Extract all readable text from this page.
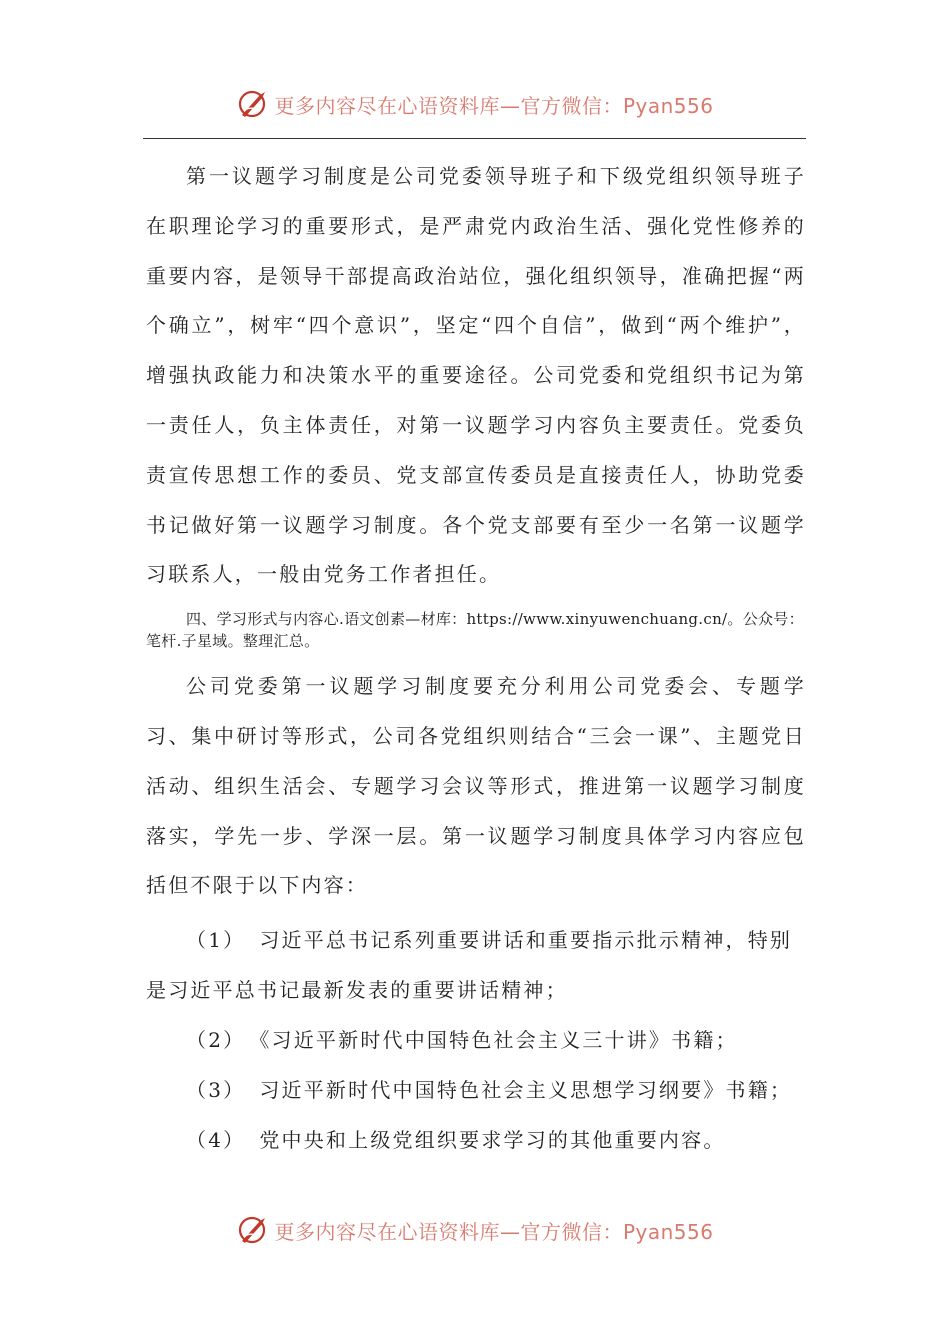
更多内容尽在心语资料库—官方微信：Pyan556

第一议题学习制度是公司党委领导班子和下级党组织领导班子在职理论学习的重要形式，是严肃党内政治生活、强化党性修养的重要内容，是领导干部提高政治站位，强化组织领导，准确把握“两个确立”，树牢“四个意识”，坚定“四个自信”，做到“两个维护”，增强执政能力和决策水平的重要途径。公司党委和党组织书记为第一责任人，负主体责任，对第一议题学习内容负主要责任。党委负责宣传思想工作的委员、党支部宣传委员是直接责任人，协助党委书记做好第一议题学习制度。各个党支部要有至少一名第一议题学习联系人，一般由党务工作者担任。

四、学习形式与内容心.语文创素—材库：https://www.xinyuwenchuang.cn/。公众号：笔杆.子星域。整理汇总。

公司党委第一议题学习制度要充分利用公司党委会、专题学习、集中研讨等形式，公司各党组织则结合“三会一课”、主题党日活动、组织生活会、专题学习会议等形式，推进第一议题学习制度落实，学先一步、学深一层。第一议题学习制度具体学习内容应包括但不限于以下内容：

（1） 习近平总书记系列重要讲话和重要指示批示精神，特别是习近平总书记最新发表的重要讲话精神；

（2） 《习近平新时代中国特色社会主义三十讲》书籍；

（3） 习近平新时代中国特色社会主义思想学习纲要》书籍；

（4） 党中央和上级党组织要求学习的其他重要内容。

更多内容尽在心语资料库—官方微信：Pyan556
